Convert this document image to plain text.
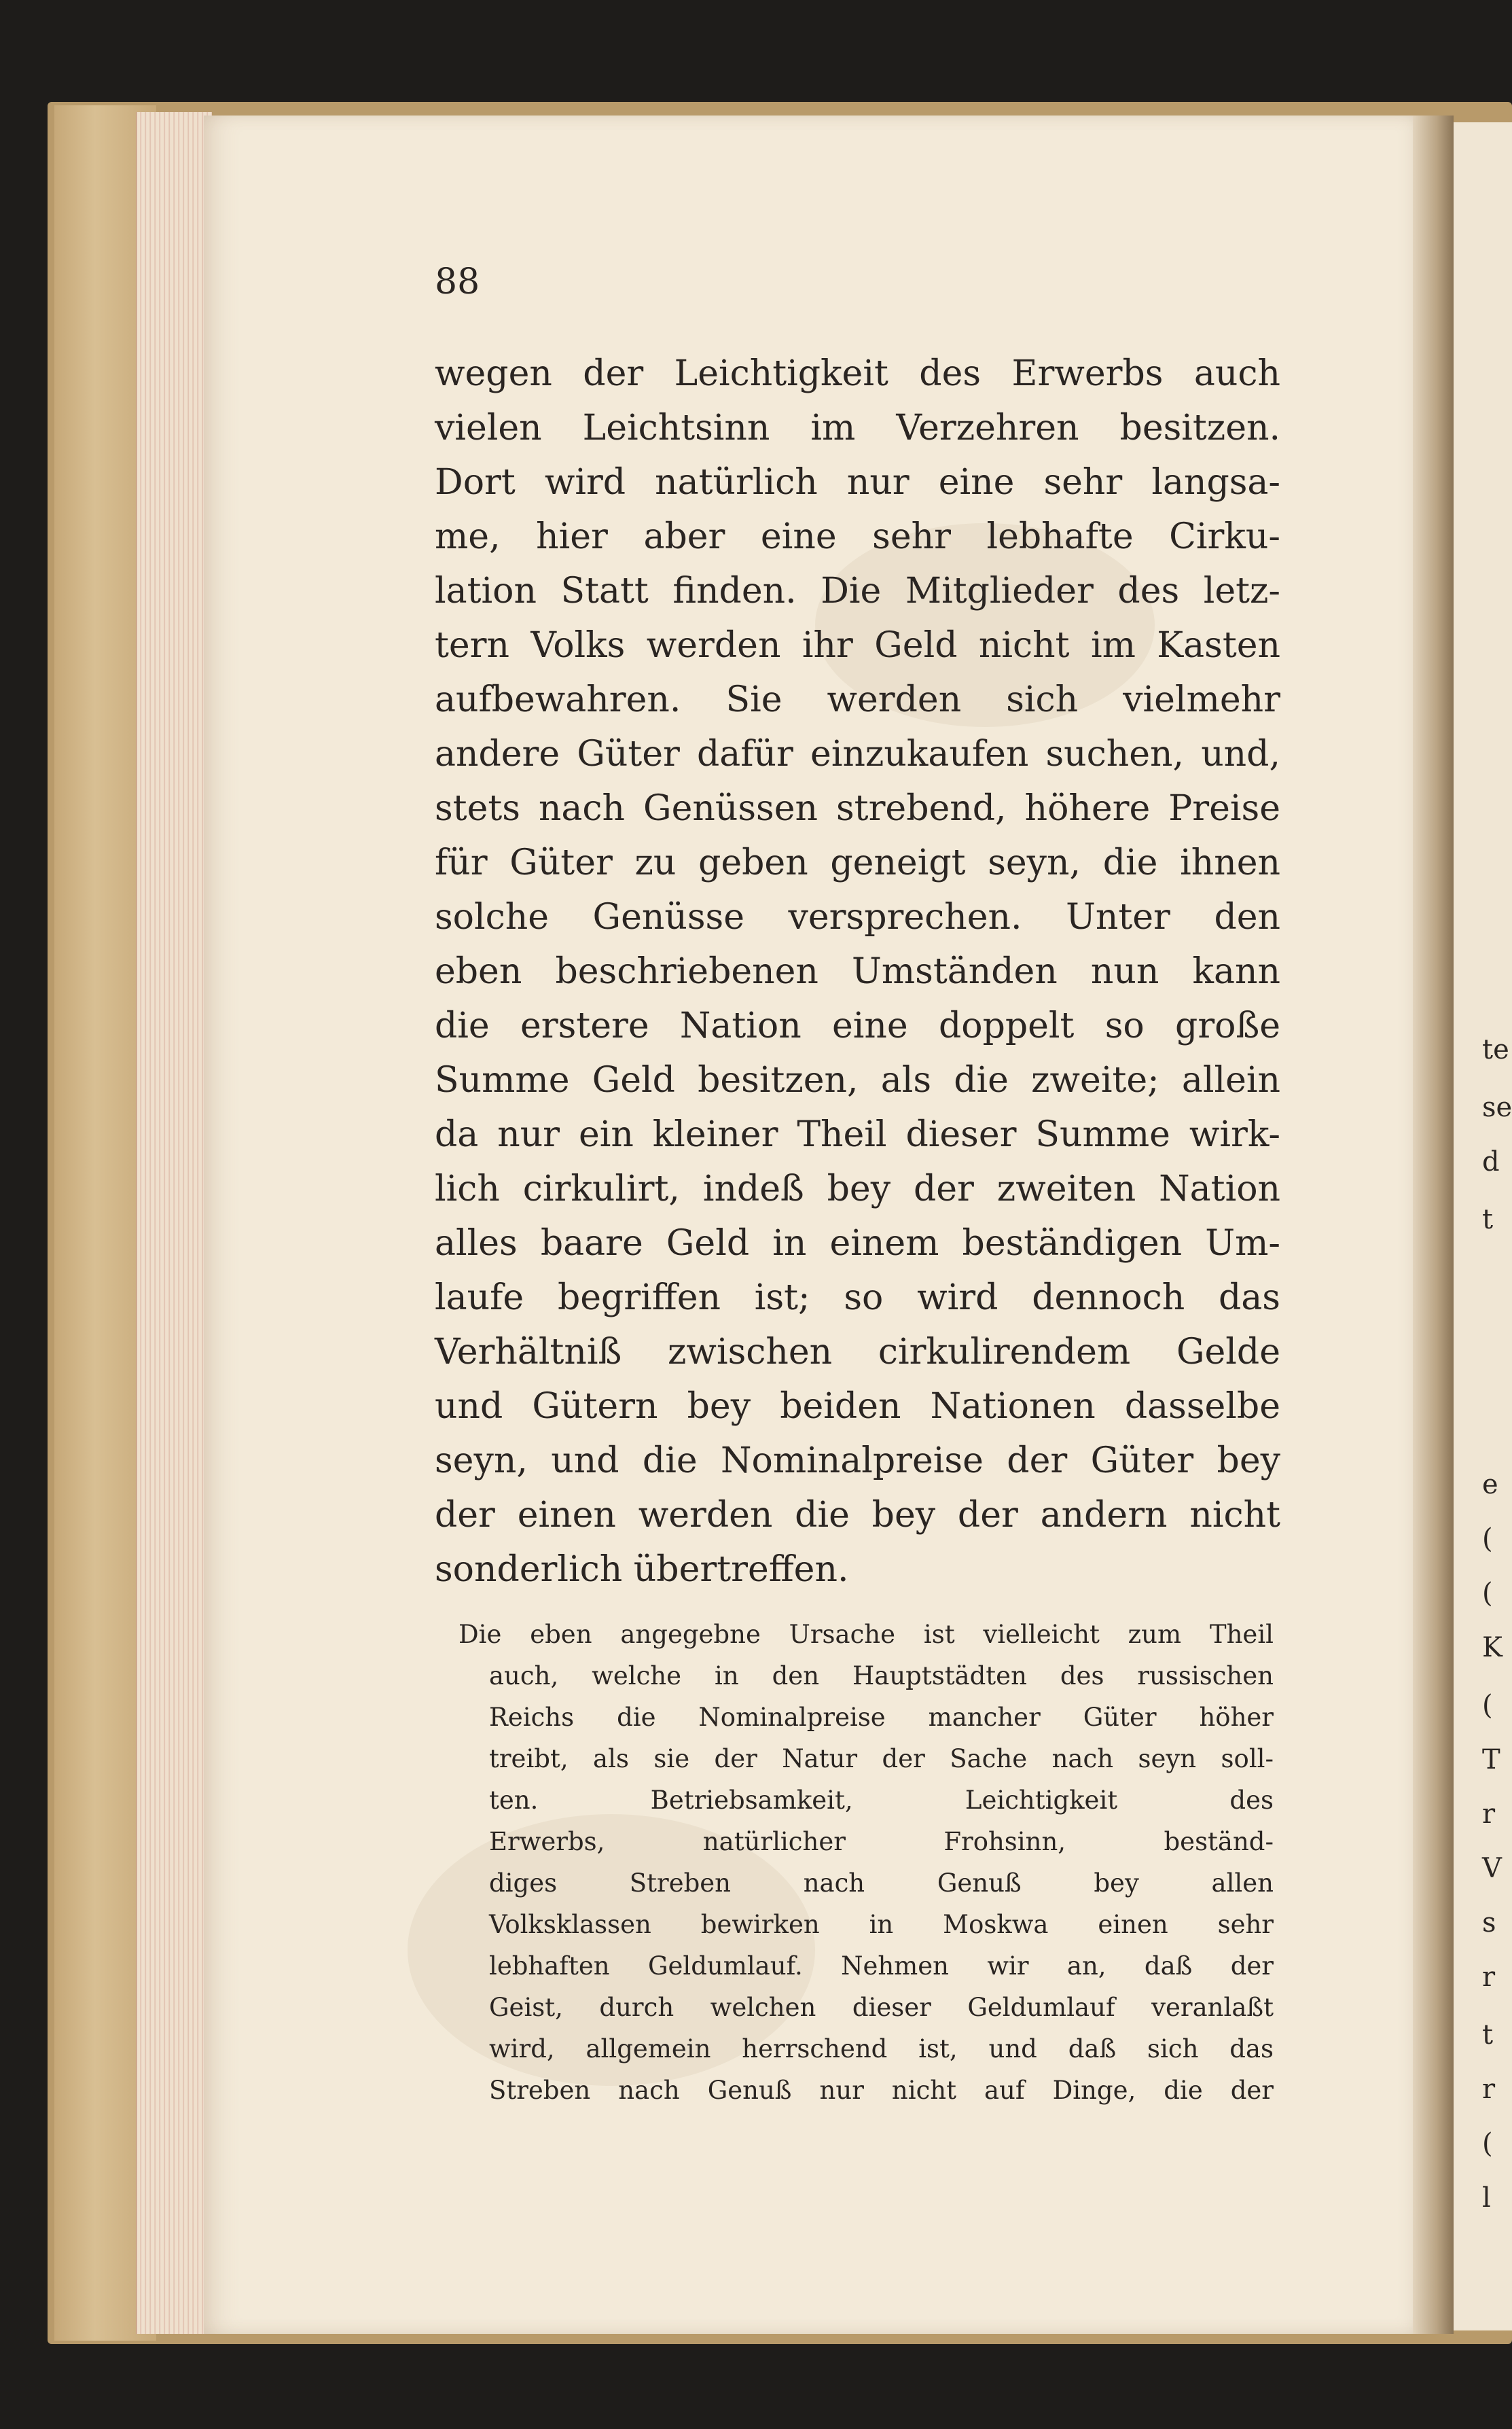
te
se
d
t
e
(
(
K
(
T
r
V
s
r
t
r
(
l
88
wegen der Leichtigkeit des Erwerbs auch
vielen Leichtsinn im Verzehren besitzen.
Dort wird natürlich nur eine sehr langsa-
me, hier aber eine sehr lebhafte Cirku-
lation Statt finden. Die Mitglieder des letz-
tern Volks werden ihr Geld nicht im Kasten
aufbewahren. Sie werden sich vielmehr
andere Güter dafür einzukaufen suchen, und,
stets nach Genüssen strebend, höhere Preise
für Güter zu geben geneigt seyn, die ihnen
solche Genüsse versprechen. Unter den
eben beschriebenen Umständen nun kann
die erstere Nation eine doppelt so große
Summe Geld besitzen, als die zweite; allein
da nur ein kleiner Theil dieser Summe wirk-
lich cirkulirt, indeß bey der zweiten Nation
alles baare Geld in einem beständigen Um-
laufe begriffen ist; so wird dennoch das
Verhältniß zwischen cirkulirendem Gelde
und Gütern bey beiden Nationen dasselbe
seyn, und die Nominalpreise der Güter bey
der einen werden die bey der andern nicht
sonderlich übertreffen.
Die eben angegebne Ursache ist vielleicht zum Theil
auch, welche in den Hauptstädten des russischen
Reichs die Nominalpreise mancher Güter höher
treibt, als sie der Natur der Sache nach seyn soll-
ten. Betriebsamkeit, Leichtigkeit des
Erwerbs, natürlicher Frohsinn, beständ-
diges Streben nach Genuß bey allen
Volksklassen bewirken in Moskwa einen sehr
lebhaften Geldumlauf. Nehmen wir an, daß der
Geist, durch welchen dieser Geldumlauf veranlaßt
wird, allgemein herrschend ist, und daß sich das
Streben nach Genuß nur nicht auf Dinge, die der
